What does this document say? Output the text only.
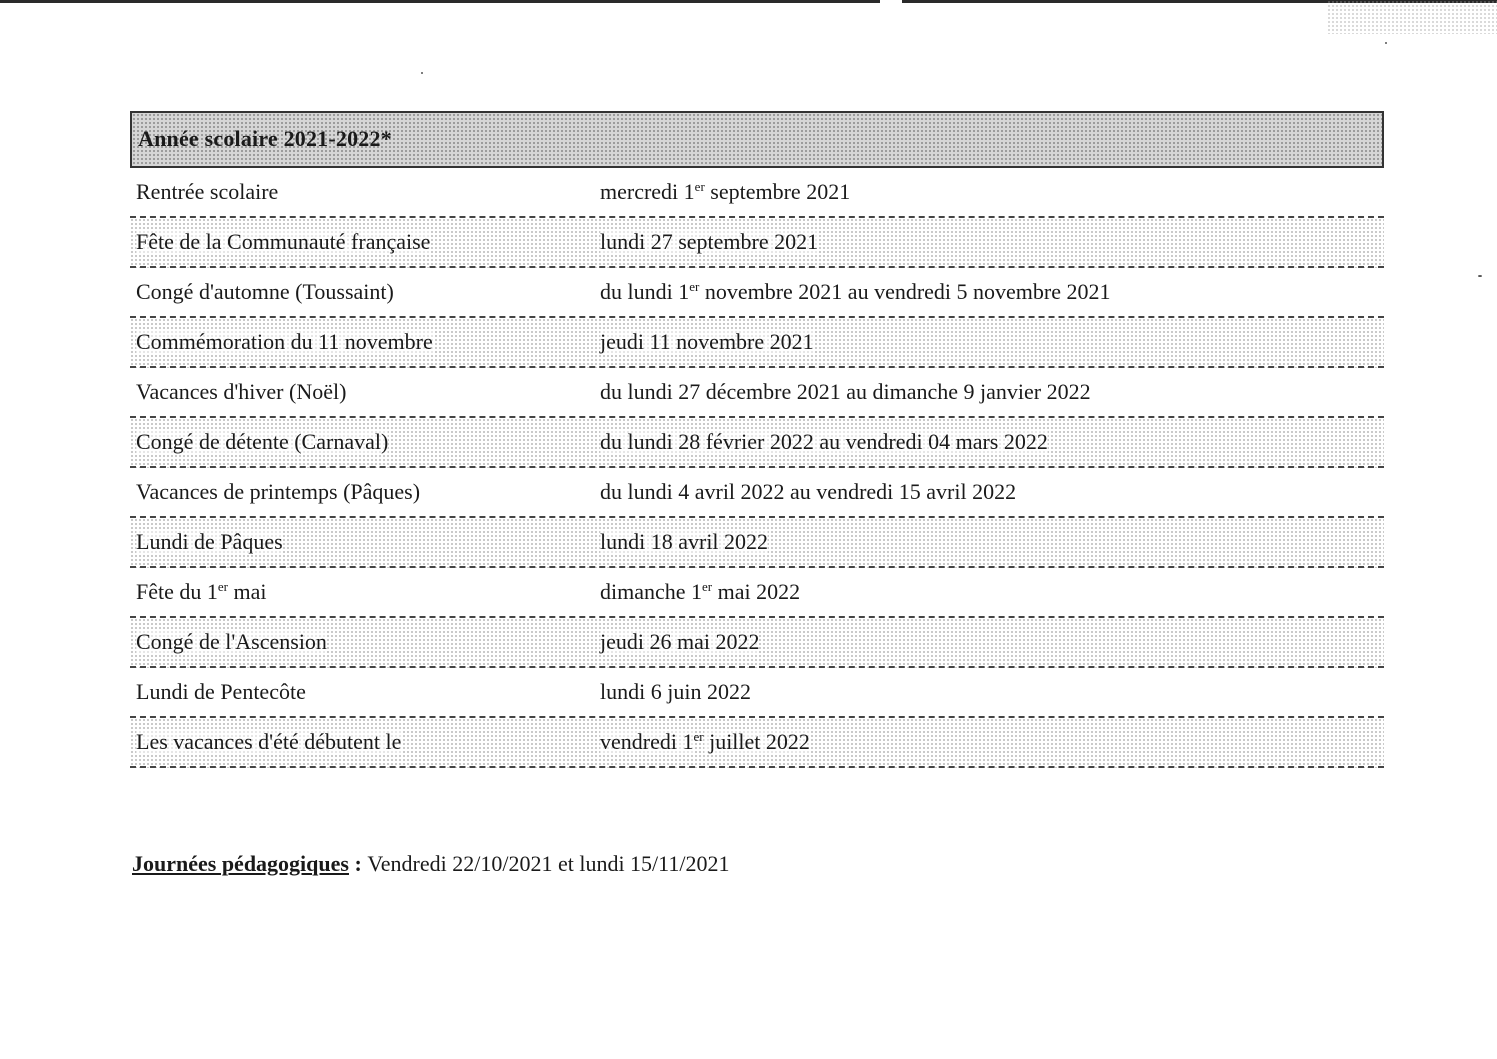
Année scolaire 2021-2022*
Rentrée scolaire	mercredi 1er septembre 2021
Fête de la Communauté française	lundi 27 septembre 2021
Congé d'automne (Toussaint)	du lundi 1er novembre 2021 au vendredi 5 novembre 2021
Commémoration du 11 novembre	jeudi 11 novembre 2021
Vacances d'hiver (Noël)	du lundi 27 décembre 2021 au dimanche 9 janvier 2022
Congé de détente (Carnaval)	du lundi 28 février 2022 au vendredi 04 mars 2022
Vacances de printemps (Pâques)	du lundi 4 avril 2022 au vendredi 15 avril 2022
Lundi de Pâques	lundi 18 avril 2022
Fête du 1er mai	dimanche 1er mai 2022
Congé de l'Ascension	jeudi 26 mai 2022
Lundi de Pentecôte	lundi 6 juin 2022
Les vacances d'été débutent le	vendredi 1er juillet 2022
Journées pédagogiques : Vendredi 22/10/2021 et lundi 15/11/2021
